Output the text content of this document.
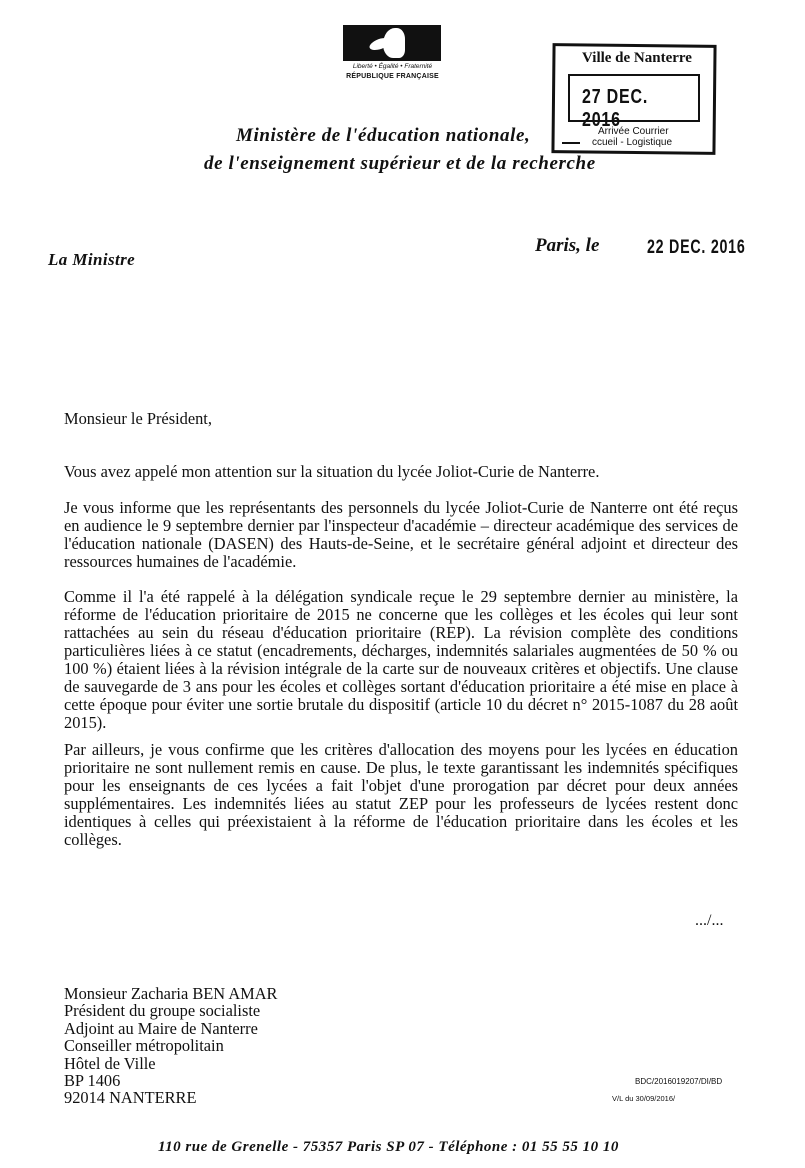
Liberté • Égalité • Fraternité
RÉPUBLIQUE FRANÇAISE
Ville de Nanterre
27 DEC. 2016
Arrivée Courrier
ccueil - Logistique
Ministère de l'éducation nationale,
de l'enseignement supérieur et de la recherche
La Ministre
Paris, le	22 DEC. 2016
Monsieur le Président,
Vous avez appelé mon attention sur la situation du lycée Joliot-Curie de Nanterre.
Je vous informe que les représentants des personnels du lycée Joliot-Curie de Nanterre ont été reçus en audience le 9 septembre dernier par l'inspecteur d'académie – directeur académique des services de l'éducation nationale (DASEN) des Hauts-de-Seine, et le secrétaire général adjoint et directeur des ressources humaines de l'académie.
Comme il l'a été rappelé à la délégation syndicale reçue le 29 septembre dernier au ministère, la réforme de l'éducation prioritaire de 2015 ne concerne que les collèges et les écoles qui leur sont rattachées au sein du réseau d'éducation prioritaire (REP). La révision complète des conditions particulières liées à ce statut (encadrements, décharges, indemnités salariales augmentées de 50 % ou 100 %) étaient liées à la révision intégrale de la carte sur de nouveaux critères et objectifs. Une clause de sauvegarde de 3 ans pour les écoles et collèges sortant d'éducation prioritaire a été mise en place à cette époque pour éviter une sortie brutale du dispositif (article 10 du décret n° 2015-1087 du 28 août 2015).
Par ailleurs, je vous confirme que les critères d'allocation des moyens pour les lycées en éducation prioritaire ne sont nullement remis en cause. De plus, le texte garantissant les indemnités spécifiques pour les enseignants de ces lycées a fait l'objet d'une prorogation par décret pour deux années supplémentaires. Les indemnités liées au statut ZEP pour les professeurs de lycées restent donc identiques à celles qui préexistaient à la réforme de l'éducation prioritaire dans les écoles et les collèges.
.../...
Monsieur Zacharia BEN AMAR
Président du groupe socialiste
Adjoint au Maire de Nanterre
Conseiller métropolitain
Hôtel de Ville
BP 1406
92014 NANTERRE
BDC/2016019207/DI/BD
V/L du 30/09/2016/
110 rue de Grenelle - 75357 Paris SP 07 - Téléphone : 01 55 55 10 10
